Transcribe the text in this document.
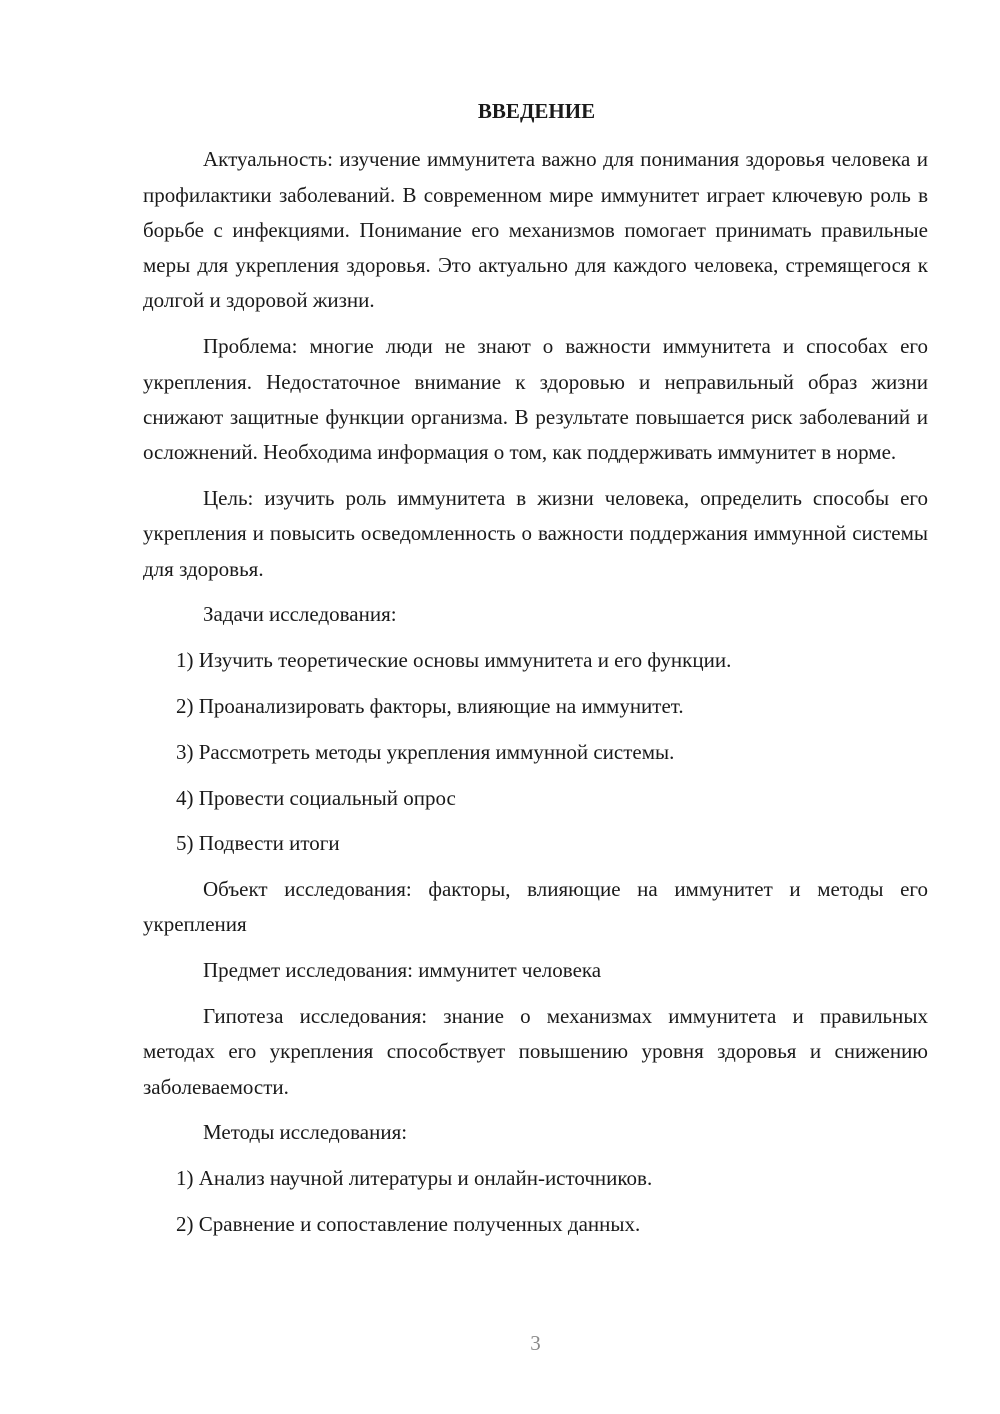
ВВЕДЕНИЕ

Актуальность: изучение иммунитета важно для понимания здоровья человека и профилактики заболеваний. В современном мире иммунитет играет ключевую роль в борьбе с инфекциями. Понимание его механизмов помогает принимать правильные меры для укрепления здоровья. Это актуально для каждого человека, стремящегося к долгой и здоровой жизни.

Проблема: многие люди не знают о важности иммунитета и способах его укрепления. Недостаточное внимание к здоровью и неправильный образ жизни снижают защитные функции организма. В результате повышается риск заболеваний и осложнений. Необходима информация о том, как поддерживать иммунитет в норме.

Цель: изучить роль иммунитета в жизни человека, определить способы его укрепления и повысить осведомленность о важности поддержания иммунной системы для здоровья.

Задачи исследования:

1) Изучить теоретические основы иммунитета и его функции.

2) Проанализировать факторы, влияющие на иммунитет.

3) Рассмотреть методы укрепления иммунной системы.

4) Провести социальный опрос

5) Подвести итоги

Объект исследования: факторы, влияющие на иммунитет и методы его укрепления

Предмет исследования: иммунитет человека

Гипотеза исследования: знание о механизмах иммунитета и правильных методах его укрепления способствует повышению уровня здоровья и снижению заболеваемости.

Методы исследования:

1) Анализ научной литературы и онлайн-источников.

2) Сравнение и сопоставление полученных данных.

3
